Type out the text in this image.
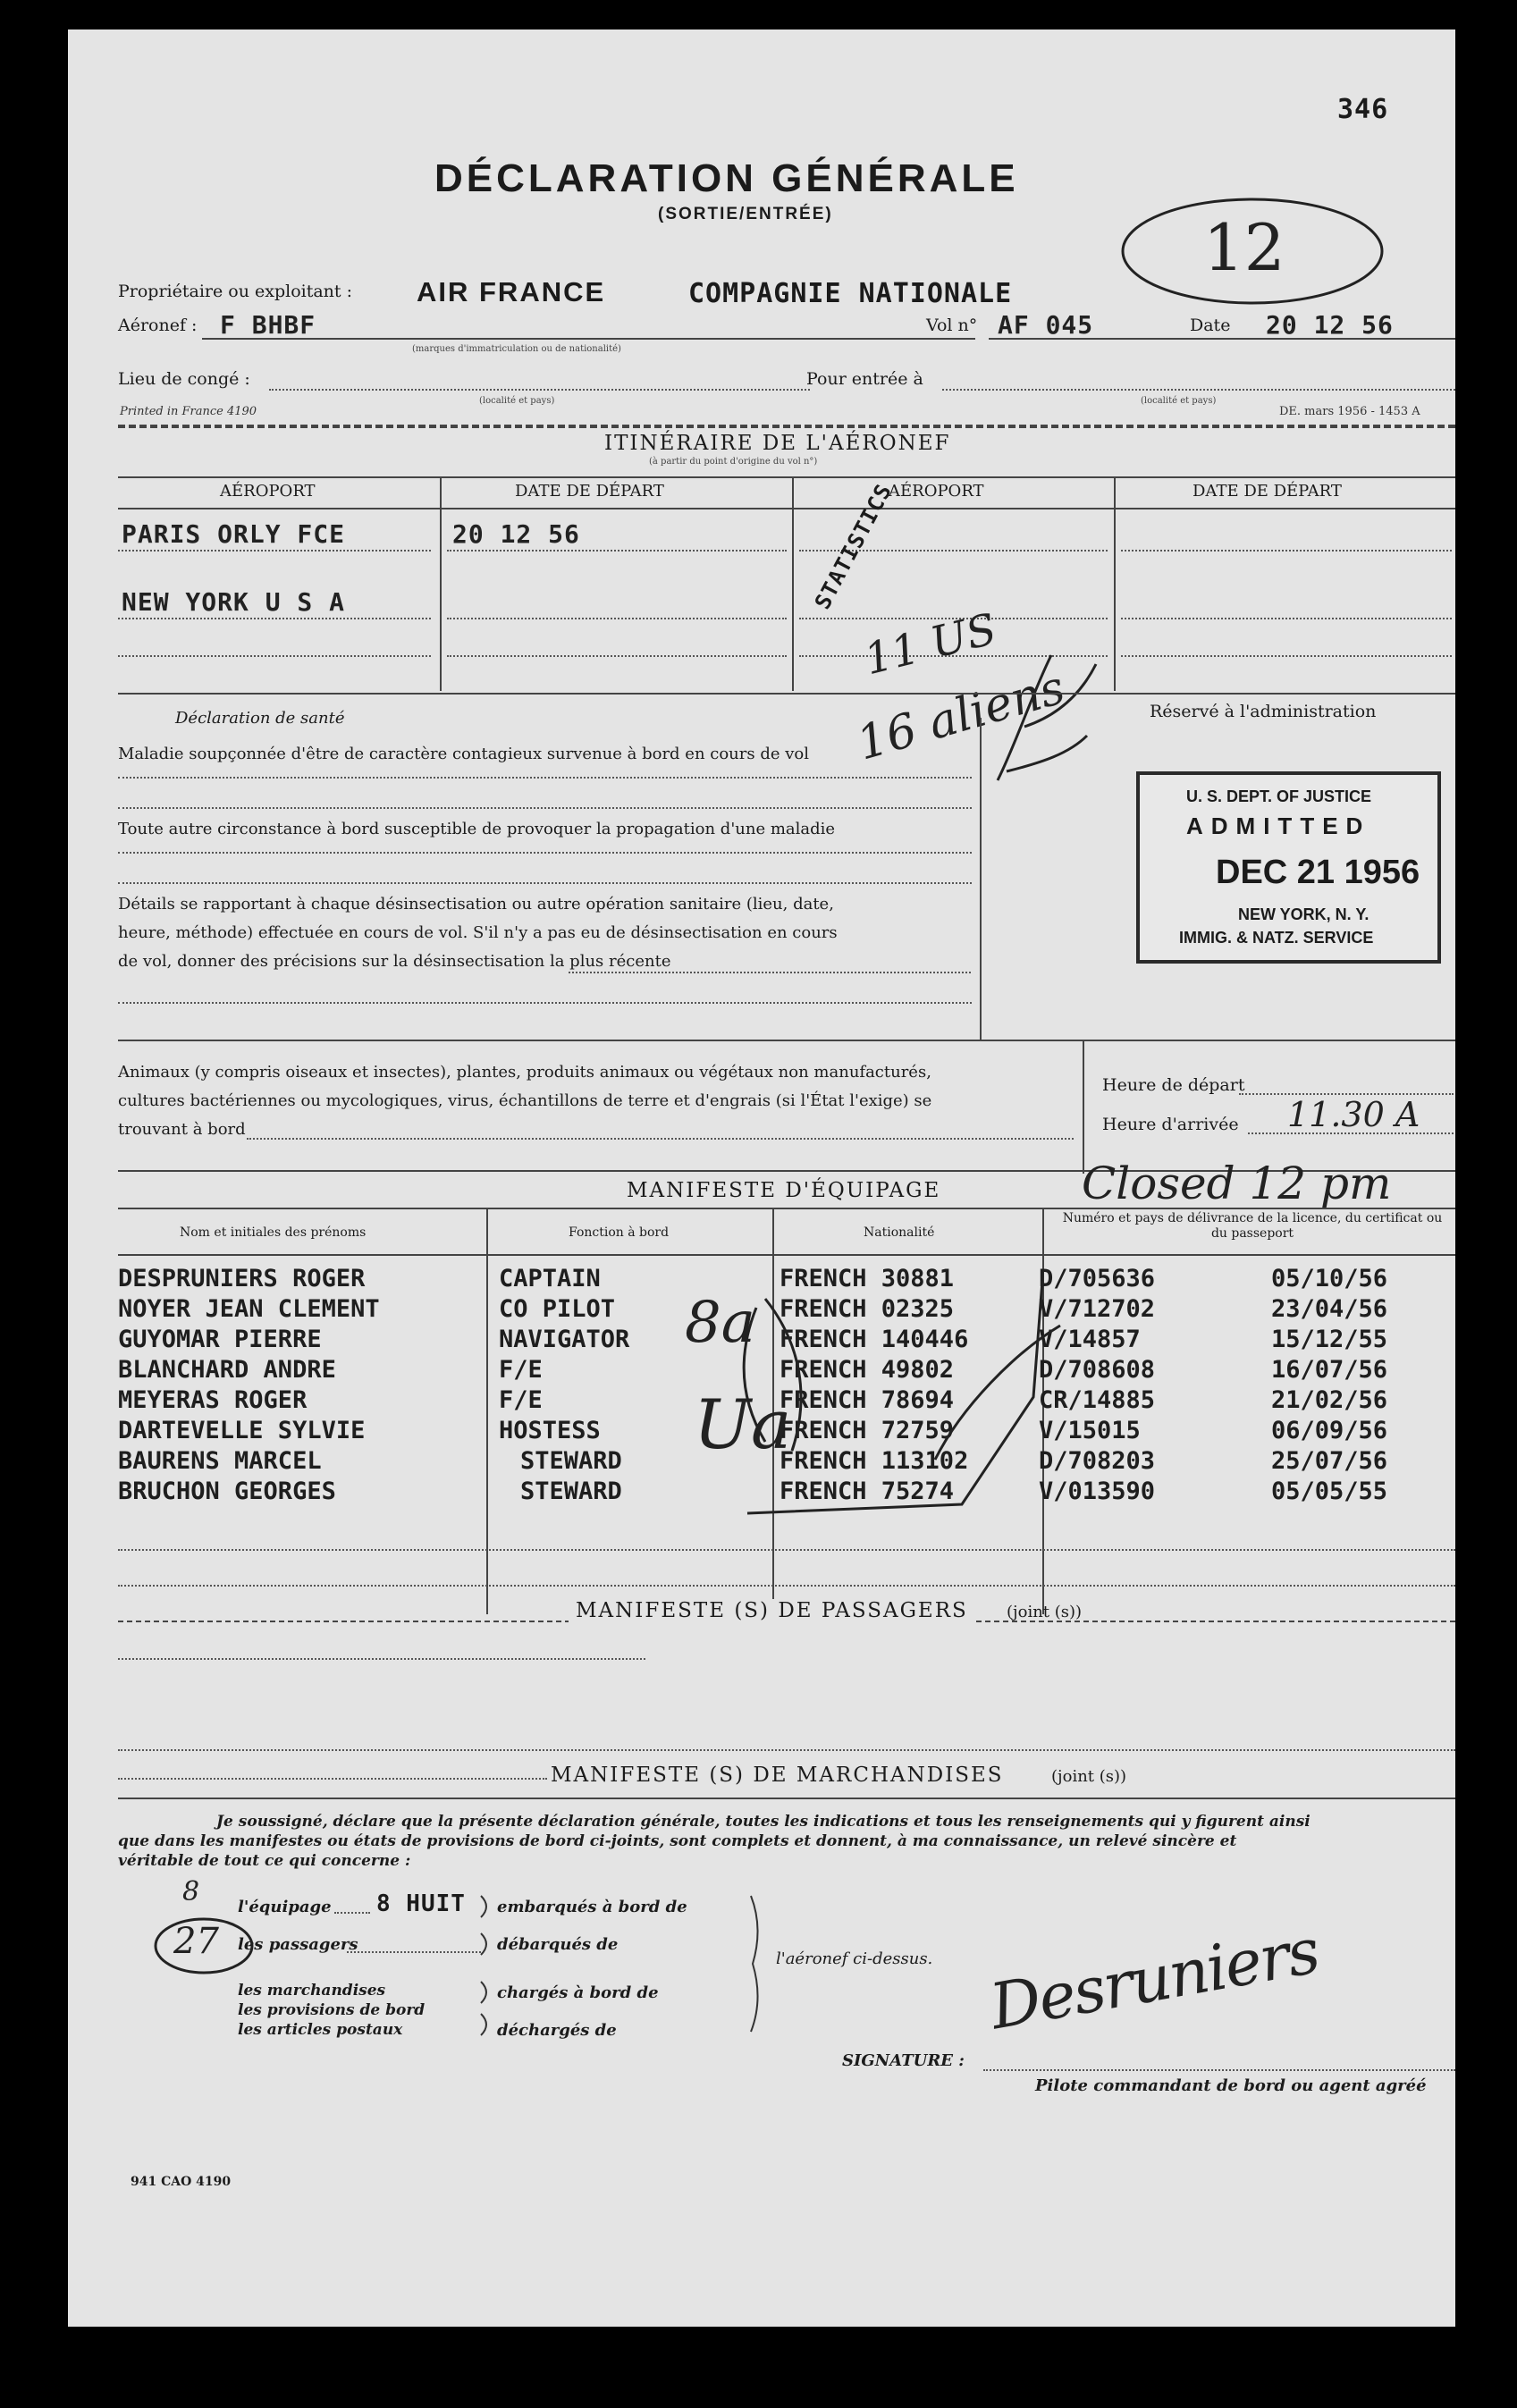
346
DÉCLARATION GÉNÉRALE
(SORTIE/ENTRÉE)	12
Propriétaire ou exploitant : AIR FRANCE	COMPAGNIE NATIONALE
Aéronef : F BHBF
(marques d'immatriculation ou de nationalité)
Vol n° AF 045	Date 20 12 56
Lieu de congé :
(localité et pays)
Pour entrée à
(localité et pays)
Printed in France 4190	DE. mars 1956 - 1453 A
ITINÉRAIRE DE L'AÉRONEF
(à partir du point d'origine du vol n°)
AÉROPORT	DATE DE DÉPART	AÉROPORT	DATE DE DÉPART
PARIS ORLY FCE	20 12 56
NEW YORK U S A	STATISTICS
11 US
16 aliens
Déclaration de santé	Réservé à l'administration
Maladie soupçonnée d'être de caractère contagieux survenue à bord en cours de vol
Toute autre circonstance à bord susceptible de provoquer la propagation d'une maladie
Détails se rapportant à chaque désinsectisation ou autre opération sanitaire (lieu, date,
heure, méthode) effectuée en cours de vol. S'il n'y a pas eu de désinsectisation en cours
de vol, donner des précisions sur la désinsectisation la plus récente
U. S. DEPT. OF JUSTICE
ADMITTED
DEC 21 1956
NEW YORK, N. Y.
IMMIG. & NATZ. SERVICE
Animaux (y compris oiseaux et insectes), plantes, produits animaux ou végétaux non manufacturés,
cultures bactériennes ou mycologiques, virus, échantillons de terre et d'engrais (si l'État l'exige) se
trouvant à bord
Heure de départ
Heure d'arrivée 11.30 A
MANIFESTE D'ÉQUIPAGE	Closed 12 pm
Nom et initiales des prénoms	Fonction à bord	Nationalité
Numéro et pays de délivrance de la licence, du certificat ou du passeport
DESPRUNIERS ROGER	CAPTAIN	FRENCH 30881	D/705636	05/10/56
NOYER JEAN CLEMENT	CO PILOT	FRENCH 02325	V/712702	23/04/56
GUYOMAR PIERRE	NAVIGATOR	FRENCH 140446	V/14857	15/12/55
BLANCHARD ANDRE	F/E	FRENCH 49802	D/708608	16/07/56
MEYERAS ROGER	F/E	FRENCH 78694	CR/14885	21/02/56
DARTEVELLE SYLVIE	HOSTESS	FRENCH 72759	V/15015	06/09/56
BAURENS MARCEL	STEWARD	FRENCH 113102	D/708203	25/07/56
BRUCHON GEORGES	STEWARD	FRENCH 75274	V/013590	05/05/55
8a
Ua
MANIFESTE (S) DE PASSAGERS	(joint (s))
MANIFESTE (S) DE MARCHANDISES	(joint (s))
Je soussigné, déclare que la présente déclaration générale, toutes les indications et tous les renseignements qui y figurent ainsi
que dans les manifestes ou états de provisions de bord ci-joints, sont complets et donnent, à ma connaissance, un relevé sincère et
véritable de tout ce qui concerne :
l'équipage 8 HUIT
les passagers
les marchandises
les provisions de bord
les articles postaux
embarqués à bord de
débarqués de
chargés à bord de
déchargés de
l'aéronef ci-dessus.
27
8
Desruniers
SIGNATURE :
Pilote commandant de bord ou agent agréé
941 CAO 4190
